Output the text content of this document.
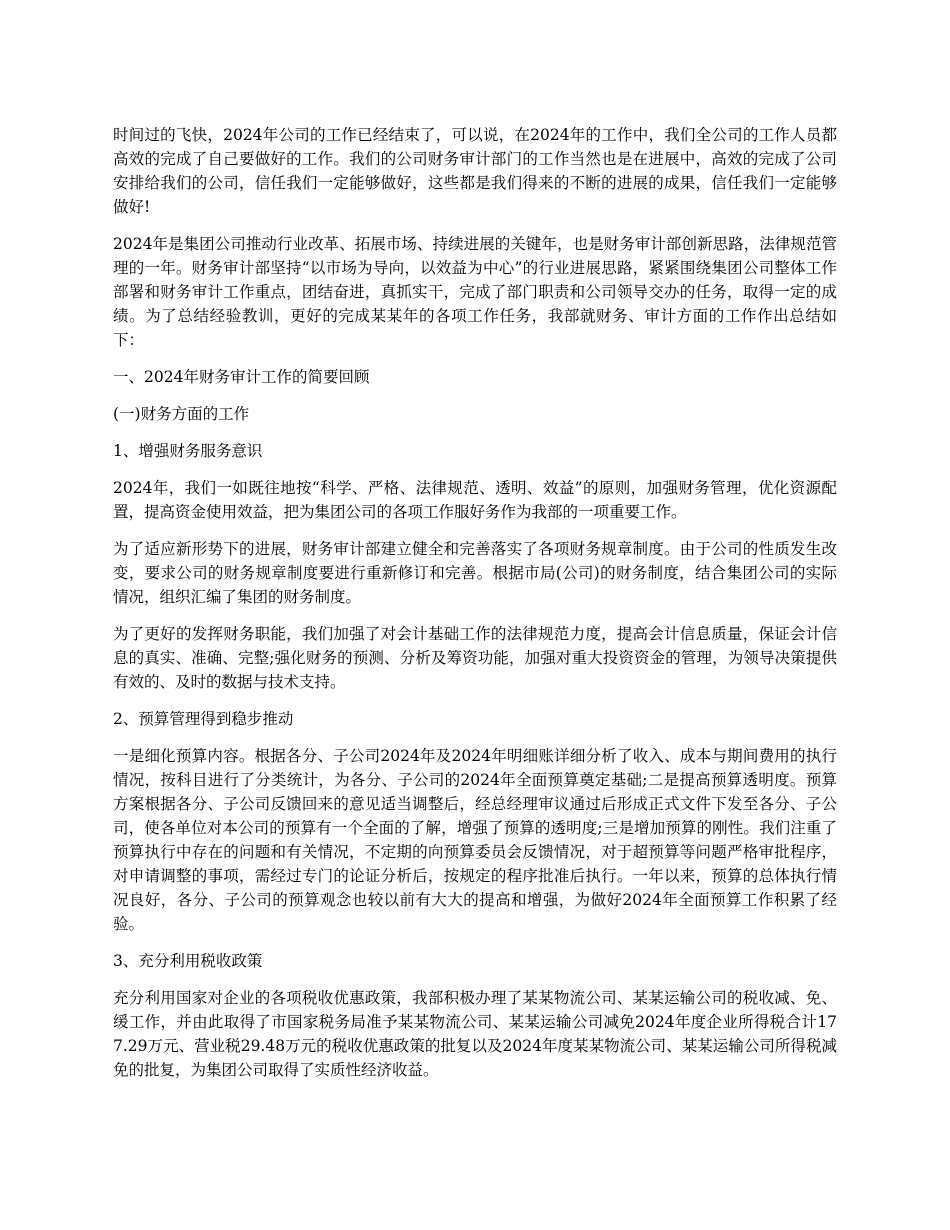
时间过的飞快，2024年公司的工作已经结束了，可以说，在2024年的工作中，我们全公司的工作人员都高效的完成了自己要做好的工作。我们的公司财务审计部门的工作当然也是在进展中，高效的完成了公司安排给我们的公司，信任我们一定能够做好，这些都是我们得来的不断的进展的成果，信任我们一定能够做好!

2024年是集团公司推动行业改革、拓展市场、持续进展的关键年，也是财务审计部创新思路，法律规范管理的一年。财务审计部坚持“以市场为导向，以效益为中心”的行业进展思路，紧紧围绕集团公司整体工作部署和财务审计工作重点，团结奋进，真抓实干，完成了部门职责和公司领导交办的任务，取得一定的成绩。为了总结经验教训，更好的完成某某年的各项工作任务，我部就财务、审计方面的工作作出总结如下：

一、2024年财务审计工作的简要回顾

(一)财务方面的工作

1、增强财务服务意识

2024年，我们一如既往地按“科学、严格、法律规范、透明、效益”的原则，加强财务管理，优化资源配置，提高资金使用效益，把为集团公司的各项工作服好务作为我部的一项重要工作。

为了适应新形势下的进展，财务审计部建立健全和完善落实了各项财务规章制度。由于公司的性质发生改变，要求公司的财务规章制度要进行重新修订和完善。根据市局(公司)的财务制度，结合集团公司的实际情况，组织汇编了集团的财务制度。

为了更好的发挥财务职能，我们加强了对会计基础工作的法律规范力度，提高会计信息质量，保证会计信息的真实、准确、完整;强化财务的预测、分析及筹资功能，加强对重大投资资金的管理，为领导决策提供有效的、及时的数据与技术支持。

2、预算管理得到稳步推动

一是细化预算内容。根据各分、子公司2024年及2024年明细账详细分析了收入、成本与期间费用的执行情况，按科目进行了分类统计，为各分、子公司的2024年全面预算奠定基础;二是提高预算透明度。预算方案根据各分、子公司反馈回来的意见适当调整后，经总经理审议通过后形成正式文件下发至各分、子公司，使各单位对本公司的预算有一个全面的了解，增强了预算的透明度;三是增加预算的刚性。我们注重了预算执行中存在的问题和有关情况，不定期的向预算委员会反馈情况，对于超预算等问题严格审批程序，对申请调整的事项，需经过专门的论证分析后，按规定的程序批准后执行。一年以来，预算的总体执行情况良好，各分、子公司的预算观念也较以前有大大的提高和增强，为做好2024年全面预算工作积累了经验。

3、充分利用税收政策

充分利用国家对企业的各项税收优惠政策，我部积极办理了某某物流公司、某某运输公司的税收减、免、缓工作，并由此取得了市国家税务局准予某某物流公司、某某运输公司减免2024年度企业所得税合计177.29万元、营业税29.48万元的税收优惠政策的批复以及2024年度某某物流公司、某某运输公司所得税减免的批复，为集团公司取得了实质性经济收益。
